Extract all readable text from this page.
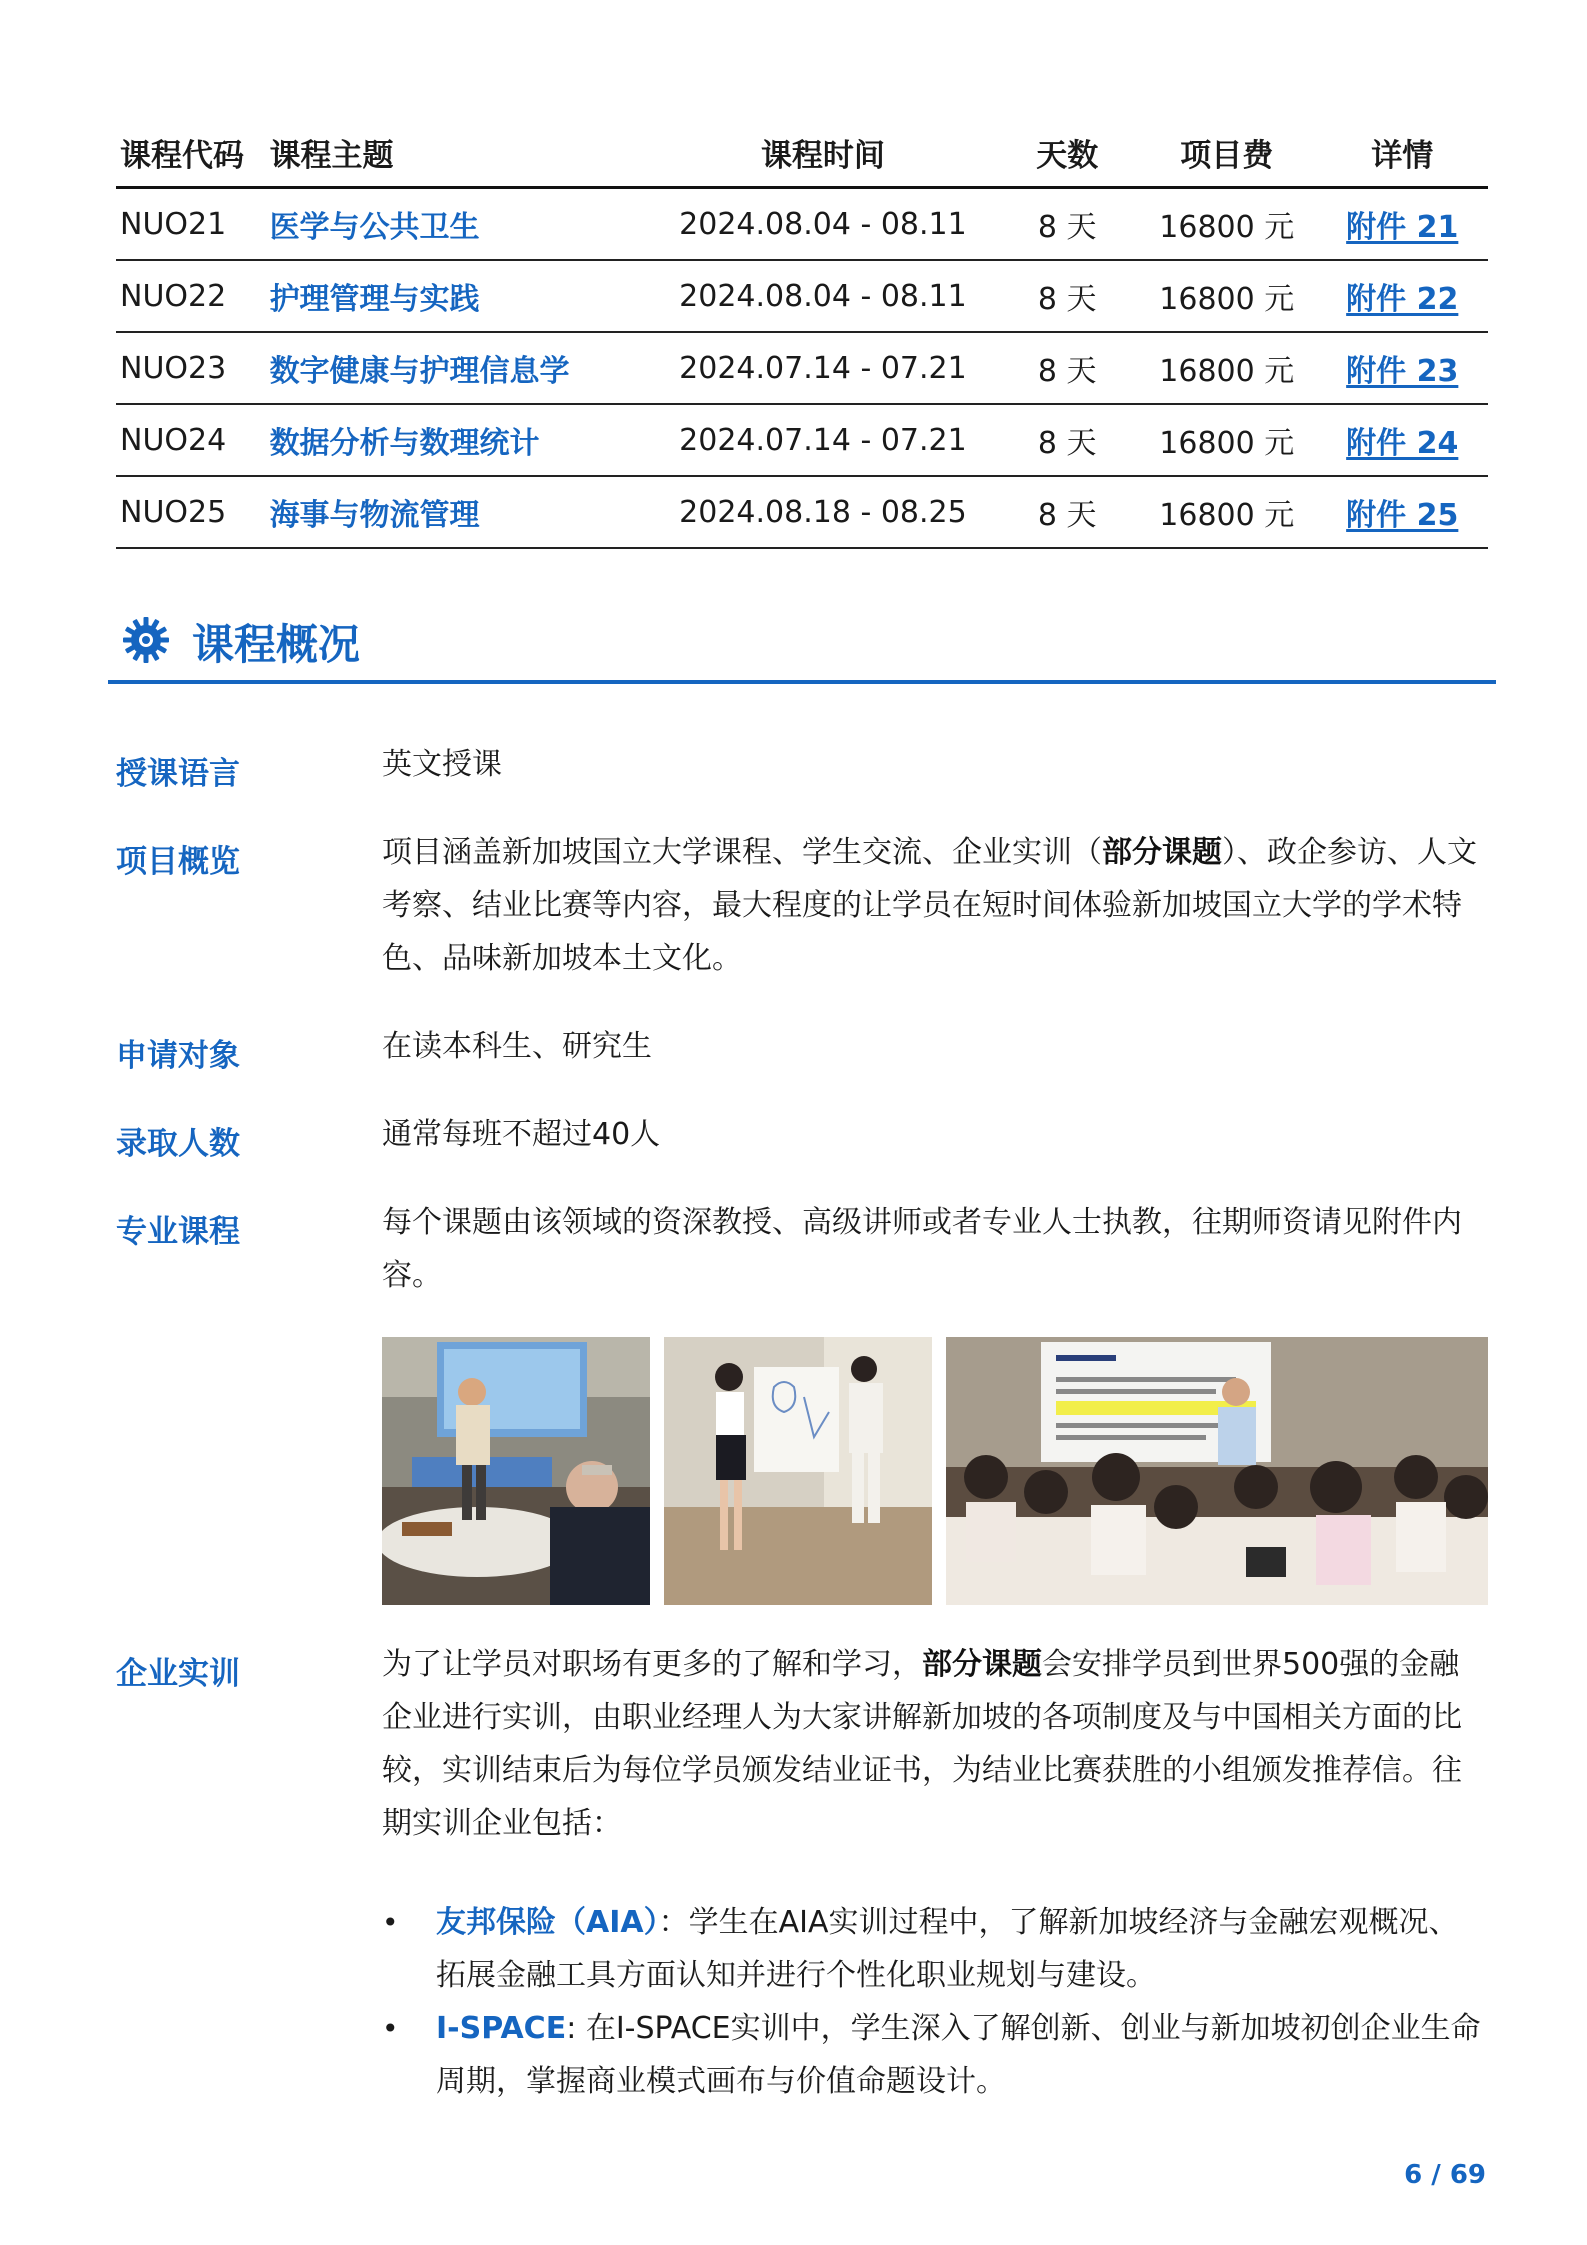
课程代码 课程主题	课程时间	天数	项目费	详情
NUO21	医学与公共卫生	2024.08.04 - 08.11	8 天	16800 元	附件 21
NUO22	护理管理与实践	2024.08.04 - 08.11	8 天	16800 元	附件 22
NUO23	数字健康与护理信息学	2024.07.14 - 07.21	8 天	16800 元	附件 23
NUO24	数据分析与数理统计	2024.07.14 - 07.21	8 天	16800 元	附件 24
NUO25	海事与物流管理	2024.08.18 - 08.25	8 天	16800 元	附件 25
课程概况
授课语言	英文授课
项目概览	项目涵盖新加坡国立大学课程、学生交流、企业实训（部分课题）、政企参访、人文考察、结业比赛等内容，最大程度的让学员在短时间体验新加坡国立大学的学术特色、品味新加坡本土文化。
申请对象	在读本科生、研究生
录取人数	通常每班不超过40人
专业课程	每个课题由该领域的资深教授、高级讲师或者专业人士执教，往期师资请见附件内容。
企业实训	为了让学员对职场有更多的了解和学习，部分课题会安排学员到世界500强的金融企业进行实训，由职业经理人为大家讲解新加坡的各项制度及与中国相关方面的比较，实训结束后为每位学员颁发结业证书，为结业比赛获胜的小组颁发推荐信。往期实训企业包括：
• 友邦保险（AIA）：学生在AIA实训过程中，了解新加坡经济与金融宏观概况、拓展金融工具方面认知并进行个性化职业规划与建设。
• I-SPACE: 在I-SPACE实训中，学生深入了解创新、创业与新加坡初创企业生命周期，掌握商业模式画布与价值命题设计。
6 / 69
